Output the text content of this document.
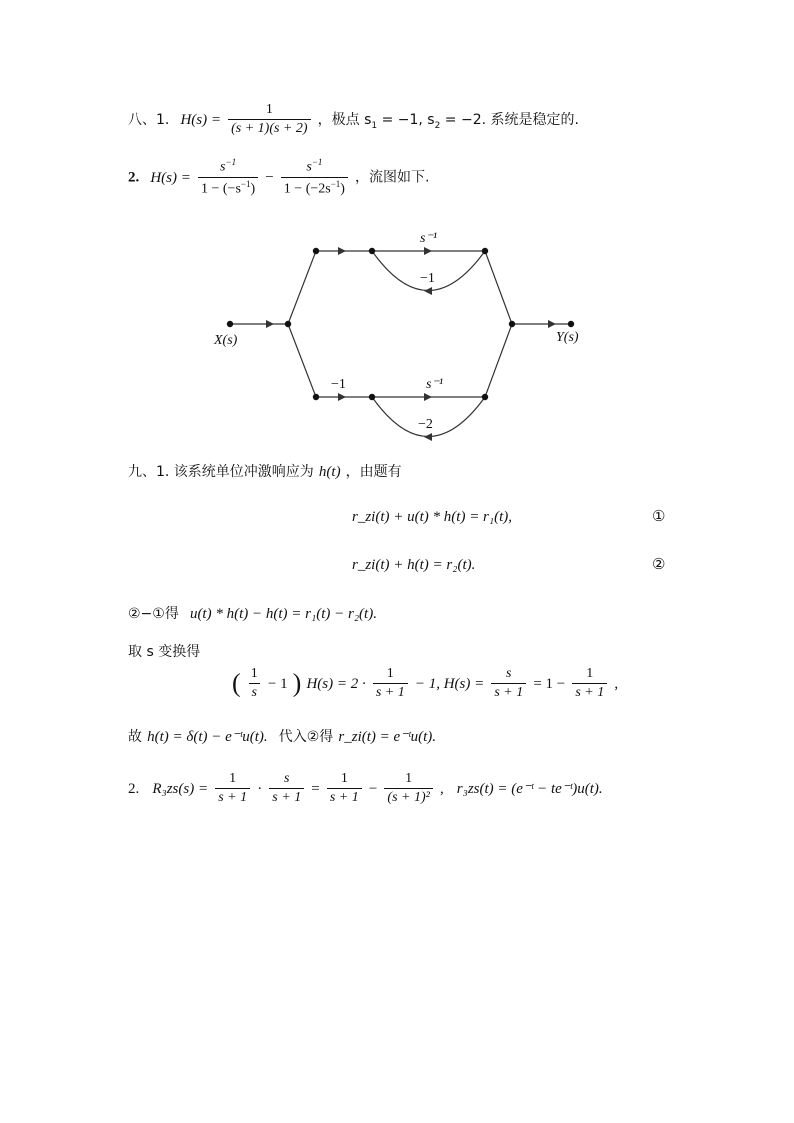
八、1. $H(s) = \frac{1}{(s + 1)(s + 2)}$ ，极点 $s_1 = -1$, $s_2 = -2$. 系统是稳定的.
2. $H(s) = \frac{s^{-1}}{1 - (-s^{-1})} - \frac{s^{-1}}{1 - (-2s^{-1})}$ ，流图如下.
s⁻¹
−1
−1	s⁻¹
−2
X(s)	Y(s)
九、1. 该系统单位冲激响应为 h(t) ，由题有
r_zi(t) + u(t) * h(t) = r₁(t),	①
r_zi(t) + h(t) = r₂(t).	②
②−①得 u(t) * h(t) − h(t) = r₁(t) − r₂(t).
取 s 变换得
( $\frac{1}{s} - 1$ ) $H(s) = 2 \cdot \frac{1}{s + 1} - 1$, $H(s) = \frac{s}{s + 1} = 1 - \frac{1}{s + 1}$ ,
故 h(t) = δ(t) − e⁻ᵗu(t). 代入②得 r_zi(t) = e⁻ᵗu(t).
2. $R_3zs(s) = \frac{1}{s + 1} \cdot \frac{s}{s + 1} = \frac{1}{s + 1} - \frac{1}{\text{(s + 1)²}}$ , r₃zs(t) = (e⁻ᵗ − te⁻ᵗ)u(t).
